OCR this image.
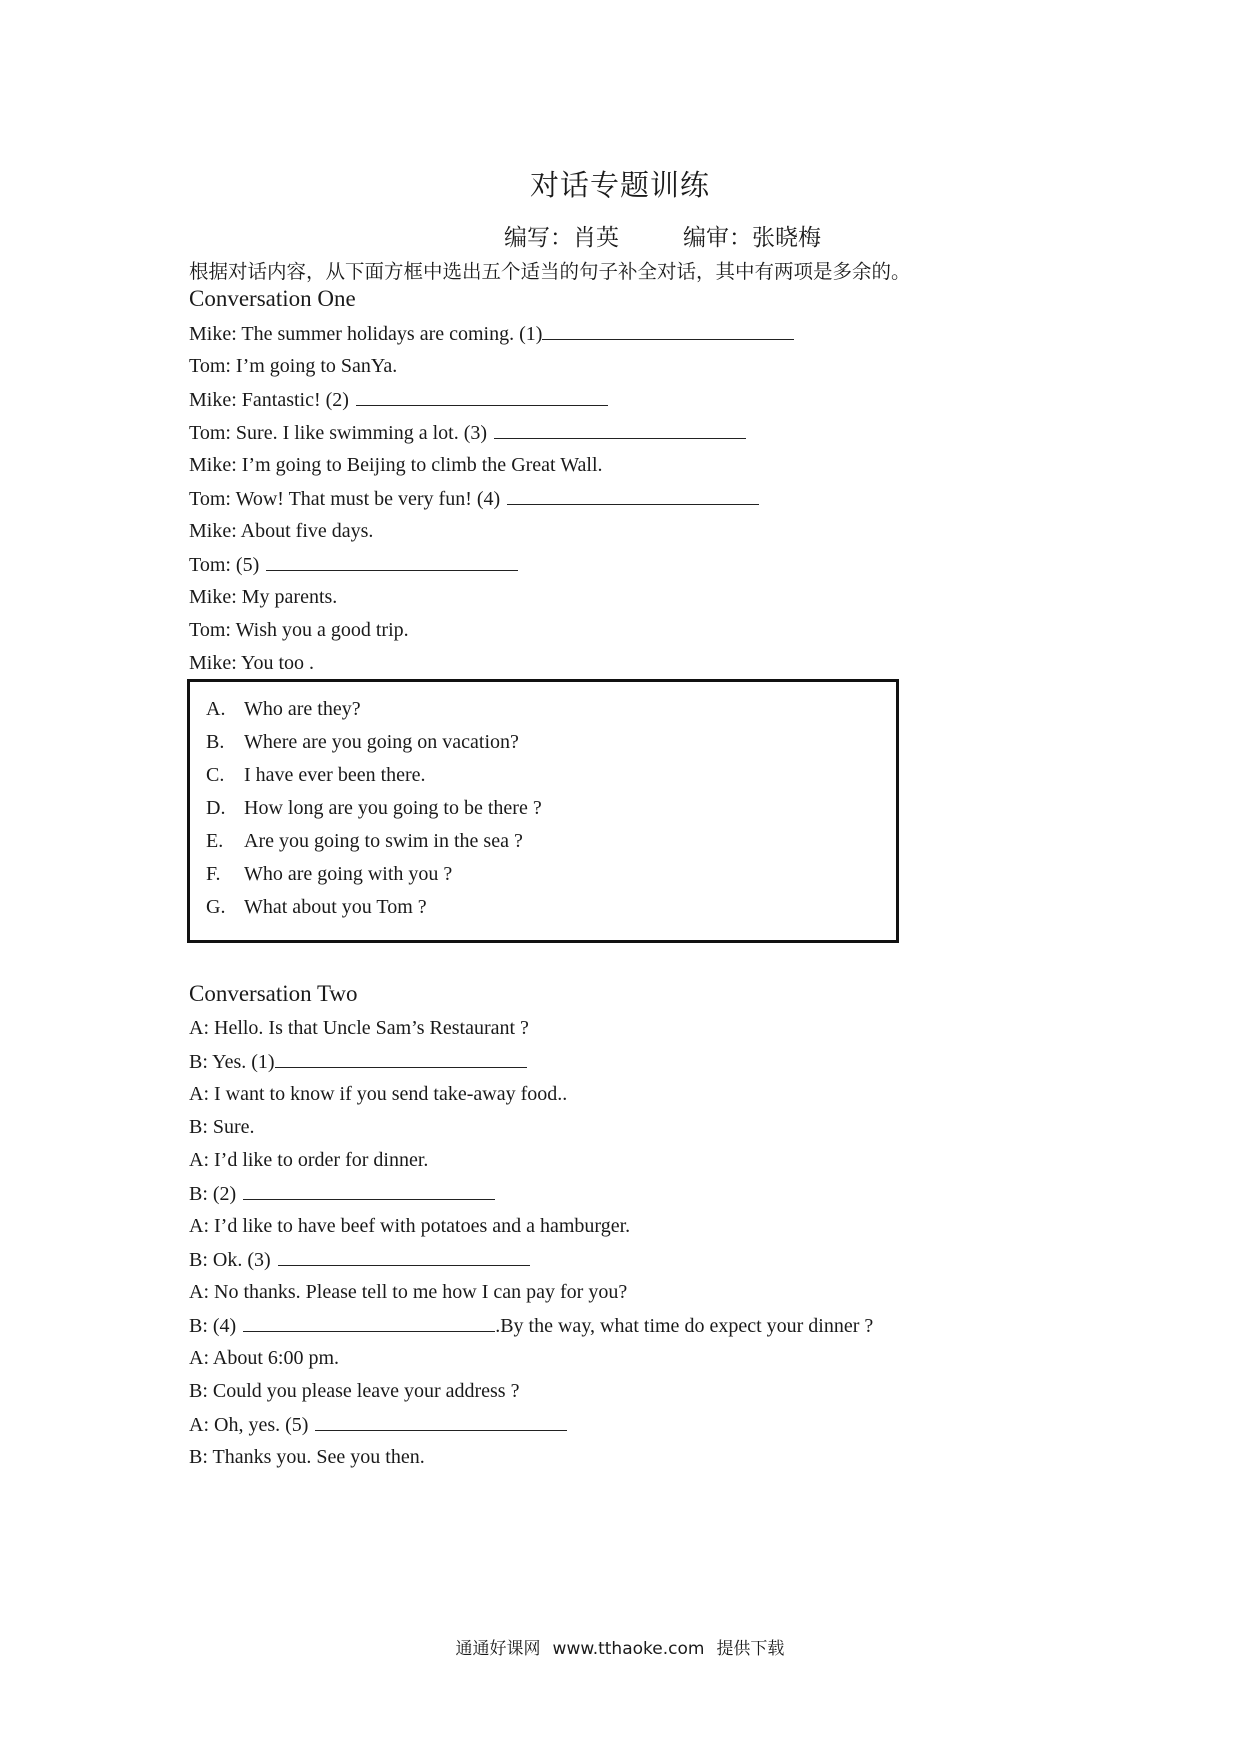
对话专题训练
编写：肖英	编审：张晓梅
根据对话内容，从下面方框中选出五个适当的句子补全对话，其中有两项是多余的。
Conversation One
Mike: The summer holidays are coming. (1)
Tom: I’m going to SanYa.
Mike: Fantastic! (2)
Tom: Sure. I like swimming a lot. (3)
Mike: I’m going to Beijing to climb the Great Wall.
Tom: Wow! That must be very fun! (4)
Mike: About five days.
Tom: (5)
Mike: My parents.
Tom: Wish you a good trip.
Mike: You too .
A. Who are they?
B. Where are you going on vacation?
C. I have ever been there.
D. How long are you going to be there ?
E. Are you going to swim in the sea ?
F. Who are going with you ?
G. What about you Tom ?
Conversation Two
A: Hello. Is that Uncle Sam’s Restaurant ?
B: Yes. (1)
A: I want to know if you send take-away food..
B: Sure.
A: I’d like to order for dinner.
B: (2)
A: I’d like to have beef with potatoes and a hamburger.
B: Ok. (3)
A: No thanks. Please tell to me how I can pay for you?
B: (4)	.By the way, what time do expect your dinner ?
A: About 6:00 pm.
B: Could you please leave your address ?
A: Oh, yes. (5)
B: Thanks you. See you then.
通通好课网 www.tthaoke.com 提供下载
